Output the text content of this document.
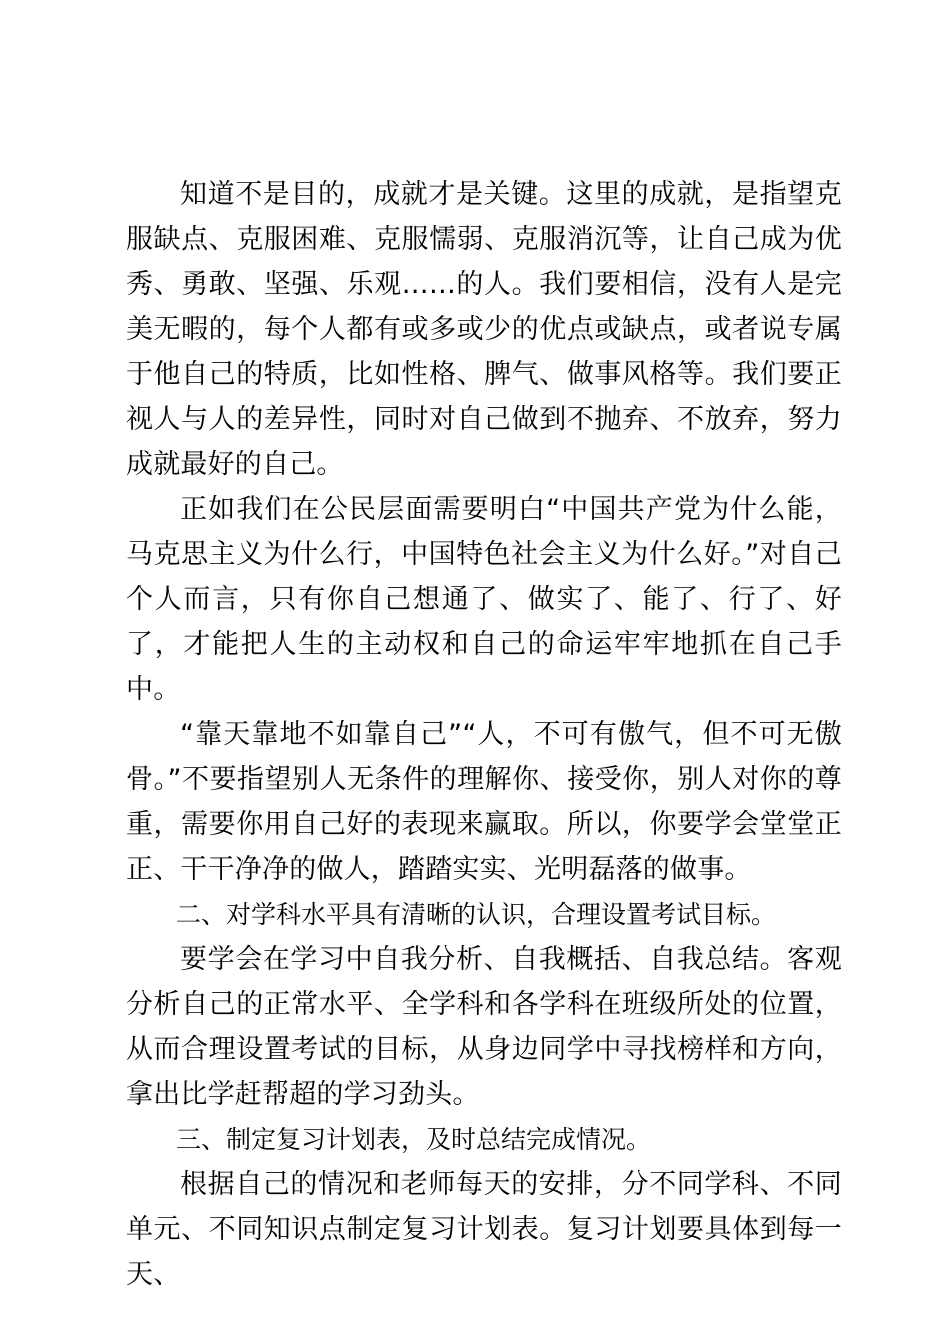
知道不是目的，成就才是关键。这里的成就，是指望克服缺点、克服困难、克服懦弱、克服消沉等，让自己成为优秀、勇敢、坚强、乐观……的人。我们要相信，没有人是完美无暇的，每个人都有或多或少的优点或缺点，或者说专属于他自己的特质，比如性格、脾气、做事风格等。我们要正视人与人的差异性，同时对自己做到不抛弃、不放弃，努力成就最好的自己。

正如我们在公民层面需要明白“中国共产党为什么能，马克思主义为什么行，中国特色社会主义为什么好。”对自己个人而言，只有你自己想通了、做实了、能了、行了、好了，才能把人生的主动权和自己的命运牢牢地抓在自己手中。

“靠天靠地不如靠自己”“人，不可有傲气，但不可无傲骨。”不要指望别人无条件的理解你、接受你，别人对你的尊重，需要你用自己好的表现来赢取。所以，你要学会堂堂正正、干干净净的做人，踏踏实实、光明磊落的做事。

二、对学科水平具有清晰的认识，合理设置考试目标。

要学会在学习中自我分析、自我概括、自我总结。客观分析自己的正常水平、全学科和各学科在班级所处的位置，从而合理设置考试的目标，从身边同学中寻找榜样和方向，拿出比学赶帮超的学习劲头。

三、制定复习计划表，及时总结完成情况。

根据自己的情况和老师每天的安排，分不同学科、不同单元、不同知识点制定复习计划表。复习计划要具体到每一天、
